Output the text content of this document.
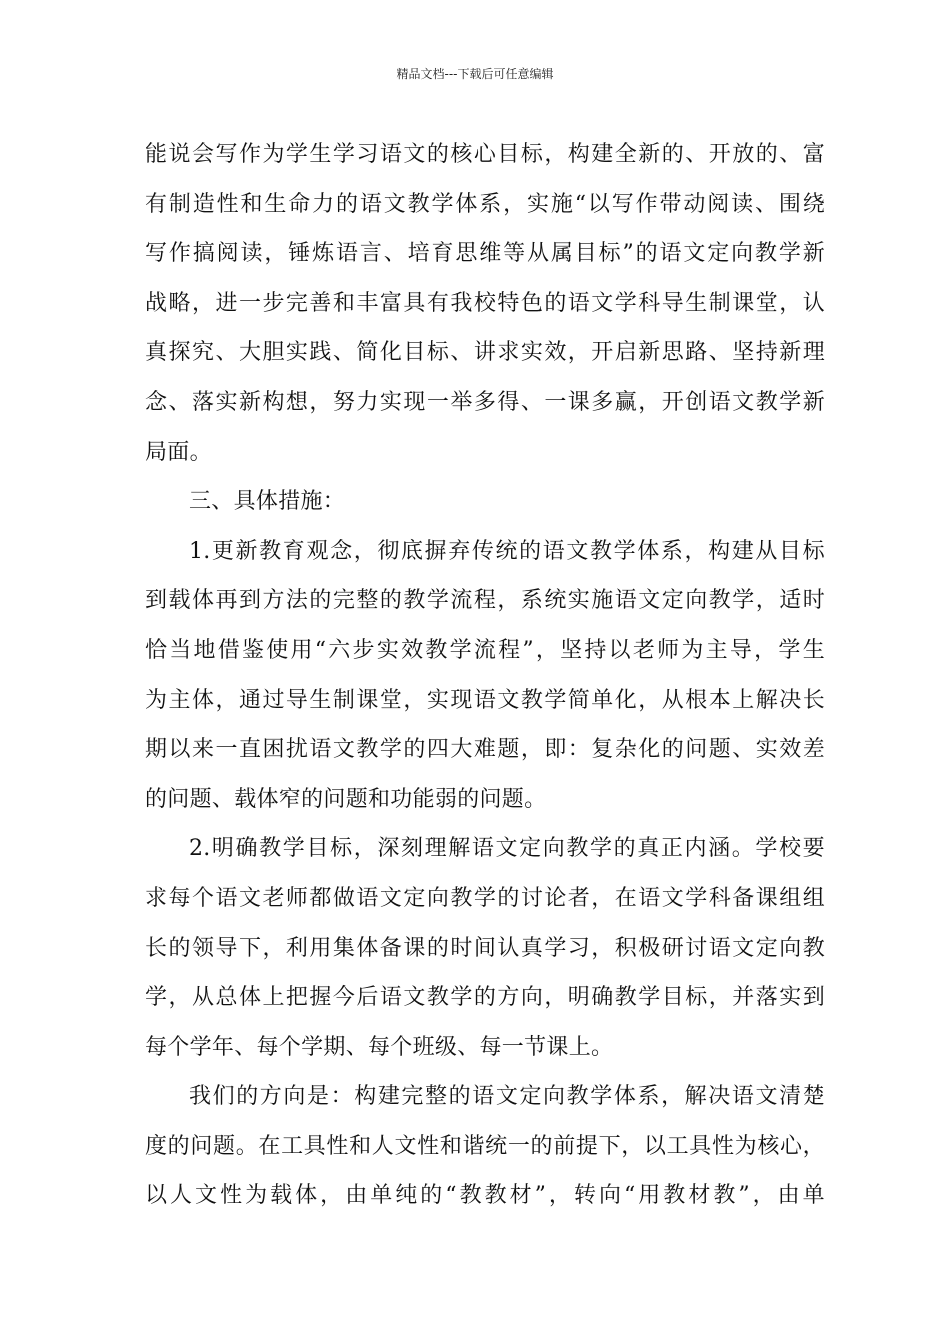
精品文档---下载后可任意编辑
能说会写作为学生学习语文的核心目标，构建全新的、开放的、富
有制造性和生命力的语文教学体系，实施“以写作带动阅读、围绕
写作搞阅读，锤炼语言、培育思维等从属目标”的语文定向教学新
战略，进一步完善和丰富具有我校特色的语文学科导生制课堂，认
真探究、大胆实践、简化目标、讲求实效，开启新思路、坚持新理
念、落实新构想，努力实现一举多得、一课多赢，开创语文教学新
局面。
三、具体措施：
1.更新教育观念，彻底摒弃传统的语文教学体系，构建从目标
到载体再到方法的完整的教学流程，系统实施语文定向教学，适时
恰当地借鉴使用“六步实效教学流程”，坚持以老师为主导，学生
为主体，通过导生制课堂，实现语文教学简单化，从根本上解决长
期以来一直困扰语文教学的四大难题，即：复杂化的问题、实效差
的问题、载体窄的问题和功能弱的问题。
2.明确教学目标，深刻理解语文定向教学的真正内涵。学校要
求每个语文老师都做语文定向教学的讨论者，在语文学科备课组组
长的领导下，利用集体备课的时间认真学习，积极研讨语文定向教
学，从总体上把握今后语文教学的方向，明确教学目标，并落实到
每个学年、每个学期、每个班级、每一节课上。
我们的方向是：构建完整的语文定向教学体系，解决语文清楚
度的问题。在工具性和人文性和谐统一的前提下，以工具性为核心，
以人文性为载体，由单纯的“教教材”，转向“用教材教”，由单
